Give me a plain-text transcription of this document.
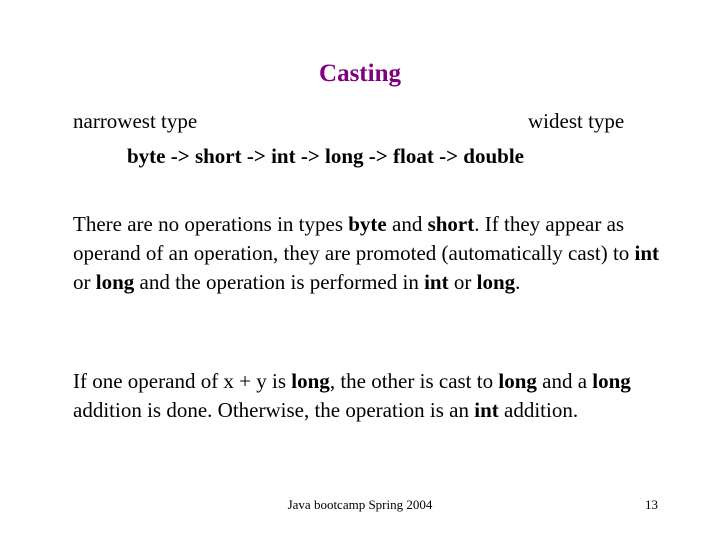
Casting
narrowest type	widest type
byte -> short -> int -> long -> float -> double
There are no operations in types byte and short. If they appear as operand of an operation, they are promoted (automatically cast) to int or long and the operation is performed in int or long.
If one operand of x + y is long, the other is cast to long and a long addition is done. Otherwise, the operation is an int addition.
Java bootcamp Spring 2004	13
